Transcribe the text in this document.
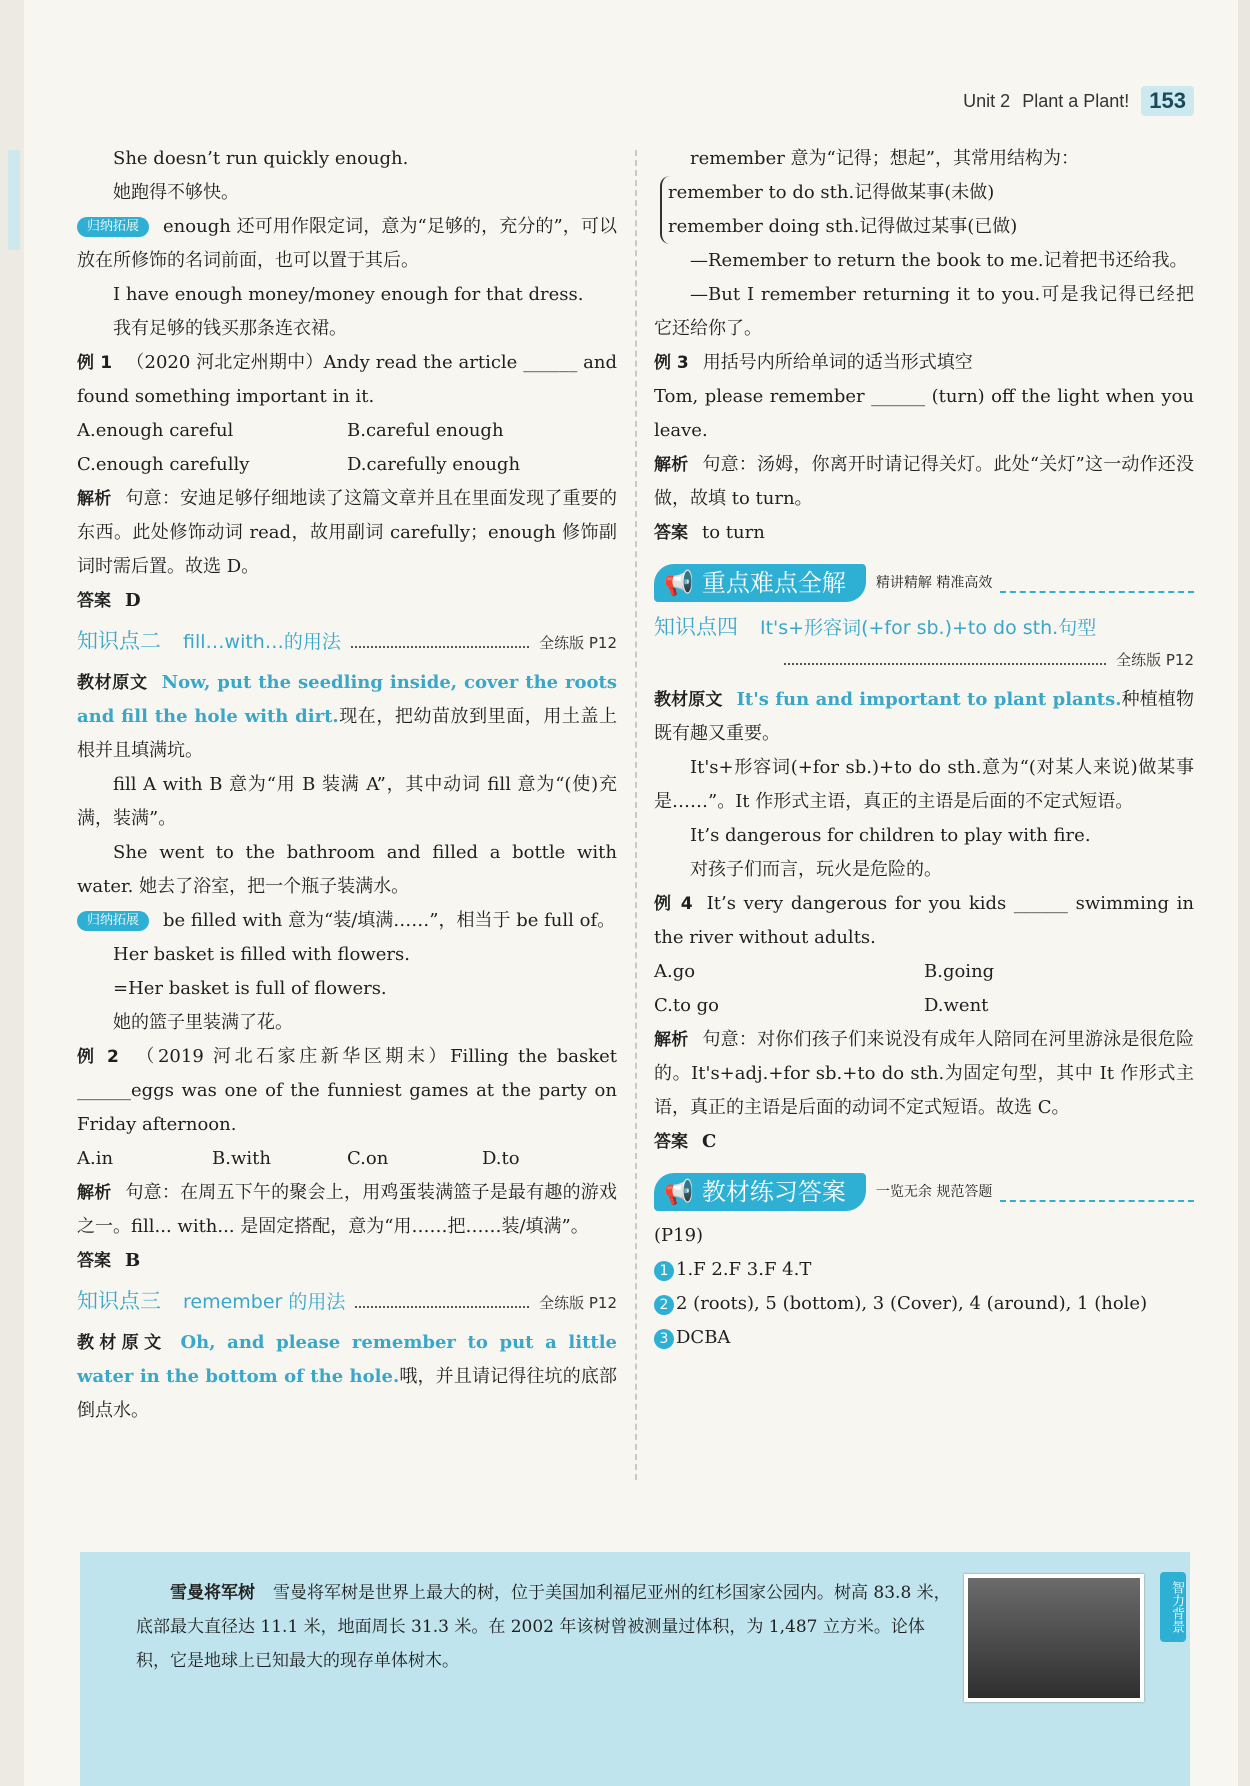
Unit 2 Plant a Plant! 153

She doesn’t run quickly enough.

她跑得不够快。

归纳拓展 enough 还可用作限定词，意为“足够的，充分的”，可以放在所修饰的名词前面，也可以置于其后。

I have enough money/money enough for that dress.

我有足够的钱买那条连衣裙。

例 1 （2020 河北定州期中）Andy read the article ______ and found something important in it.

A.enough careful	B.careful enough
C.enough carefully	D.carefully enough

解析 句意：安迪足够仔细地读了这篇文章并且在里面发现了重要的东西。此处修饰动词 read，故用副词 carefully；enough 修饰副词时需后置。故选 D。

答案 D

知识点二 fill…with…的用法	全练版 P12

教材原文 Now, put the seedling inside, cover the roots and fill the hole with dirt.现在，把幼苗放到里面，用土盖上根并且填满坑。

fill A with B 意为“用 B 装满 A”，其中动词 fill 意为“(使)充满，装满”。

She went to the bathroom and filled a bottle with water. 她去了浴室，把一个瓶子装满水。

归纳拓展 be filled with 意为“装/填满……”，相当于 be full of。

Her basket is filled with flowers.

=Her basket is full of flowers.

她的篮子里装满了花。

例 2 （2019 河北石家庄新华区期末）Filling the basket ______eggs was one of the funniest games at the party on Friday afternoon.

A.in	B.with	C.on	D.to

解析 句意：在周五下午的聚会上，用鸡蛋装满篮子是最有趣的游戏之一。fill... with... 是固定搭配，意为“用……把……装/填满”。

答案 B

知识点三 remember 的用法	全练版 P12

教材原文 Oh, and please remember to put a little water in the bottom of the hole.哦，并且请记得往坑的底部倒点水。

remember 意为“记得；想起”，其常用结构为：

remember to do sth.记得做某事(未做)

remember doing sth.记得做过某事(已做)

—Remember to return the book to me.记着把书还给我。

—But I remember returning it to you.可是我记得已经把它还给你了。

例 3 用括号内所给单词的适当形式填空

Tom, please remember ______ (turn) off the light when you leave.

解析 句意：汤姆，你离开时请记得关灯。此处“关灯”这一动作还没做，故填 to turn。

答案 to turn

📢 重点难点全解 精讲精解 精准高效
知识点四 It's+形容词(+for sb.)+to do sth.句型
全练版 P12

教材原文 It's fun and important to plant plants.种植植物既有趣又重要。

It's+形容词(+for sb.)+to do sth.意为“(对某人来说)做某事是……”。It 作形式主语，真正的主语是后面的不定式短语。

It’s dangerous for children to play with fire.

对孩子们而言，玩火是危险的。

例 4 It’s very dangerous for you kids ______ swimming in the river without adults.

A.go	B.going
C.to go	D.went

解析 句意：对你们孩子们来说没有成年人陪同在河里游泳是很危险的。It's+adj.+for sb.+to do sth.为固定句型，其中 It 作形式主语，真正的主语是后面的动词不定式短语。故选 C。

答案 C

📢 教材练习答案 一览无余 规范答题

(P19)

1 1.F 2.F 3.F 4.T

2 2 (roots), 5 (bottom), 3 (Cover), 4 (around), 1 (hole)

3 DCBA

雪曼将军树 雪曼将军树是世界上最大的树，位于美国加利福尼亚州的红杉国家公园内。树高 83.8 米，底部最大直径达 11.1 米，地面周长 31.3 米。在 2002 年该树曾被测量过体积，为 1,487 立方米。论体积，它是地球上已知最大的现存单体树木。

智力背景
